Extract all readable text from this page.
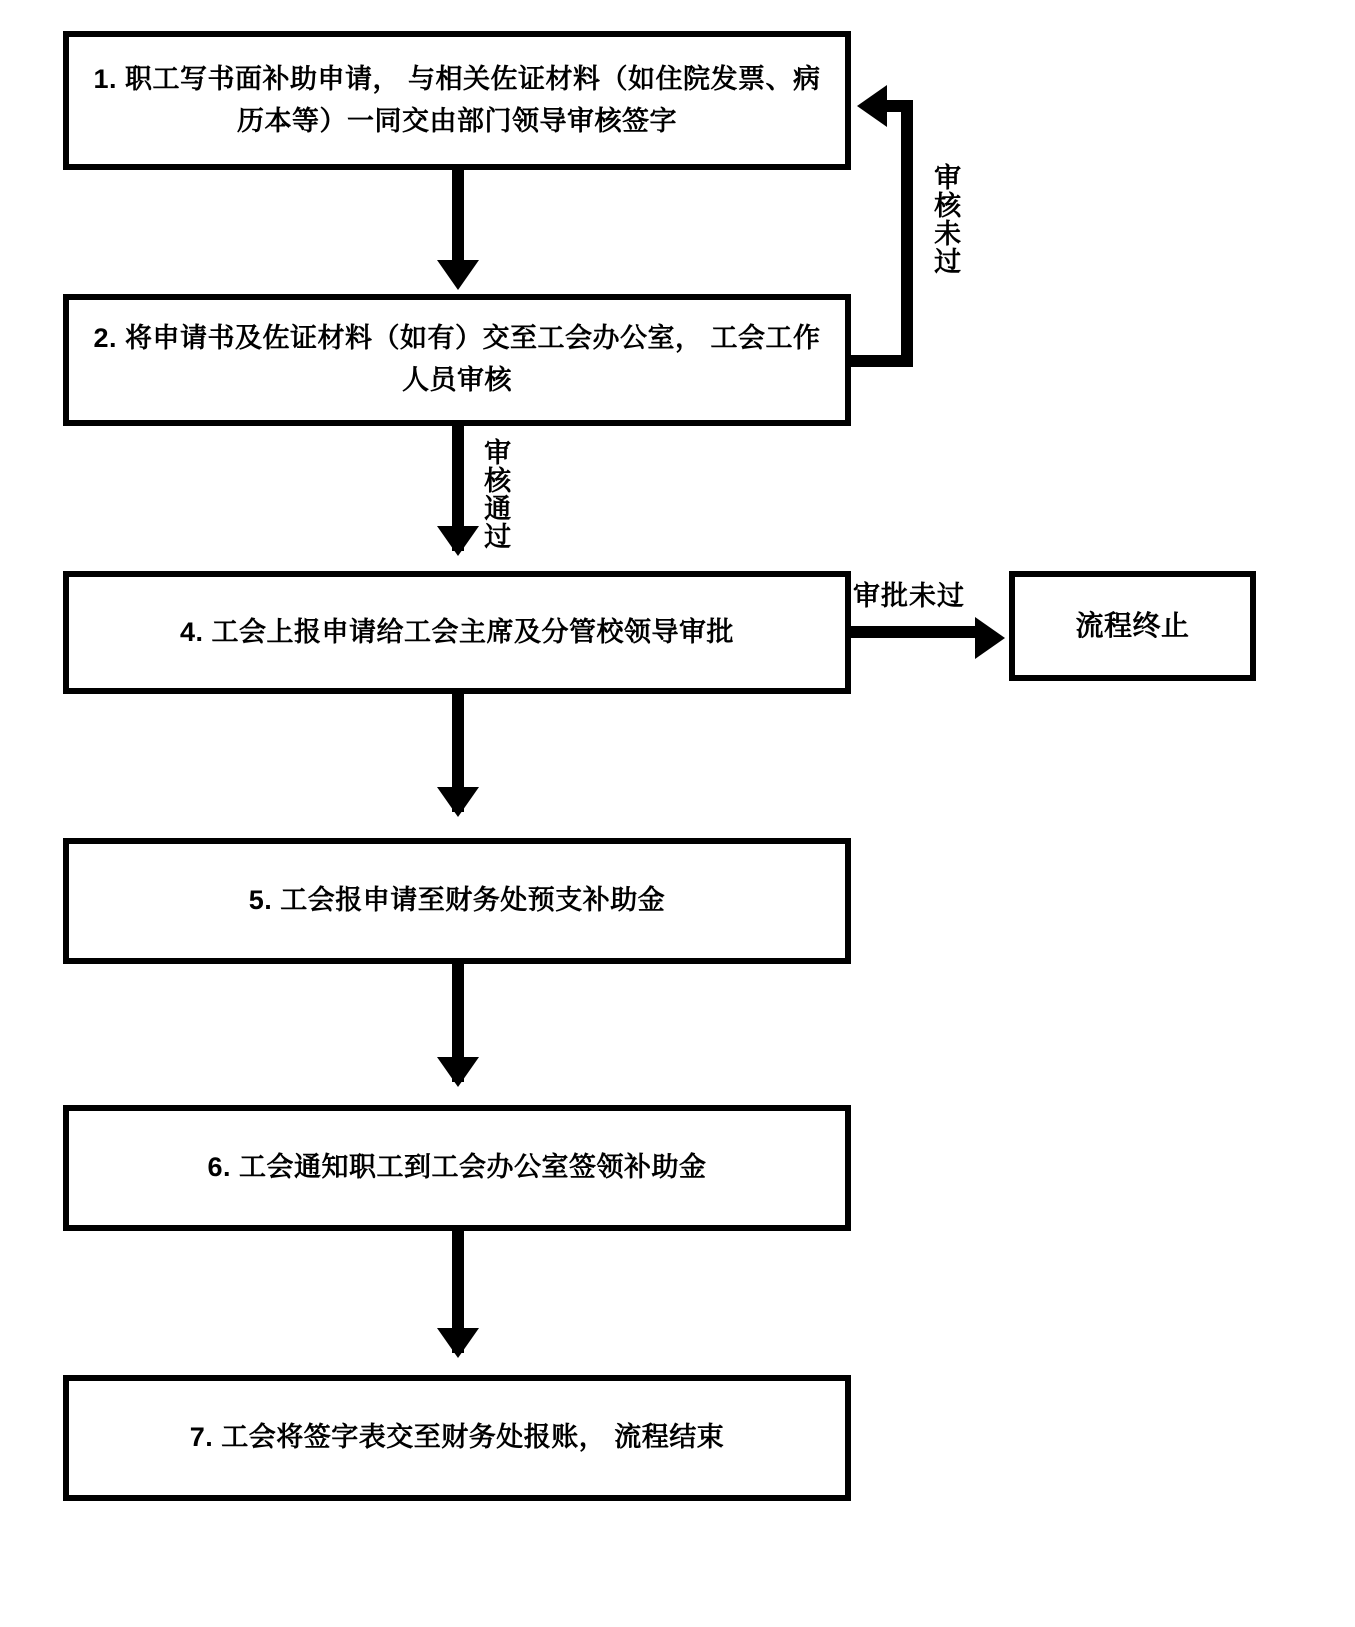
1. 职工写书面补助申请， 与相关佐证材料（如住院发票、病历本等）一同交由部门领导审核签字
2. 将申请书及佐证材料（如有）交至工会办公室， 工会工作人员审核
审核未过
审核通过
4. 工会上报申请给工会主席及分管校领导审批
审批未过
流程终止
5. 工会报申请至财务处预支补助金
6. 工会通知职工到工会办公室签领补助金
7. 工会将签字表交至财务处报账， 流程结束
